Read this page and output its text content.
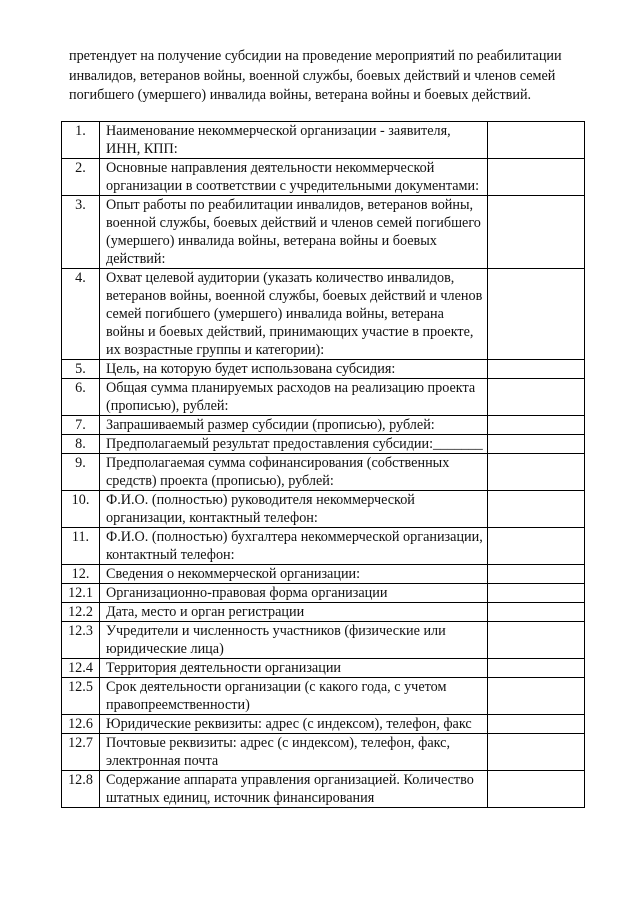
претендует на получение субсидии на проведение мероприятий по реабилитации инвалидов, ветеранов войны, военной службы, боевых действий и членов семей погибшего (умершего) инвалида войны, ветерана войны и боевых действий.
1.	Наименование некоммерческой организации - заявителя, ИНН, КПП:	
2.	Основные направления деятельности некоммерческой организации в соответствии с учредительными документами:	
3.	Опыт работы по реабилитации инвалидов, ветеранов войны, военной службы, боевых действий и членов семей погибшего (умершего) инвалида войны, ветерана войны и боевых действий:	
4.	Охват целевой аудитории (указать количество инвалидов, ветеранов войны, военной службы, боевых действий и членов семей погибшего (умершего) инвалида войны, ветерана войны и боевых действий, принимающих участие в проекте, их возрастные группы и категории):	
5.	Цель, на которую будет использована субсидия:	
6.	Общая сумма планируемых расходов на реализацию проекта (прописью), рублей:	
7.	Запрашиваемый размер субсидии (прописью), рублей:	
8.	Предполагаемый результат предоставления субсидии:_______	
9.	Предполагаемая сумма софинансирования (собственных средств) проекта (прописью), рублей:	
10.	Ф.И.О. (полностью) руководителя некоммерческой организации, контактный телефон:	
11.	Ф.И.О. (полностью) бухгалтера некоммерческой организации, контактный телефон:	
12.	Сведения о некоммерческой организации:	
12.1	Организационно-правовая форма организации	
12.2	Дата, место и орган регистрации	
12.3	Учредители и численность участников (физические или юридические лица)	
12.4	Территория деятельности организации	
12.5	Срок деятельности организации (с какого года, с учетом правопреемственности)	
12.6	Юридические реквизиты: адрес (с индексом), телефон, факс	
12.7	Почтовые реквизиты: адрес (с индексом), телефон, факс, электронная почта	
12.8	Содержание аппарата управления организацией. Количество штатных единиц, источник финансирования	
